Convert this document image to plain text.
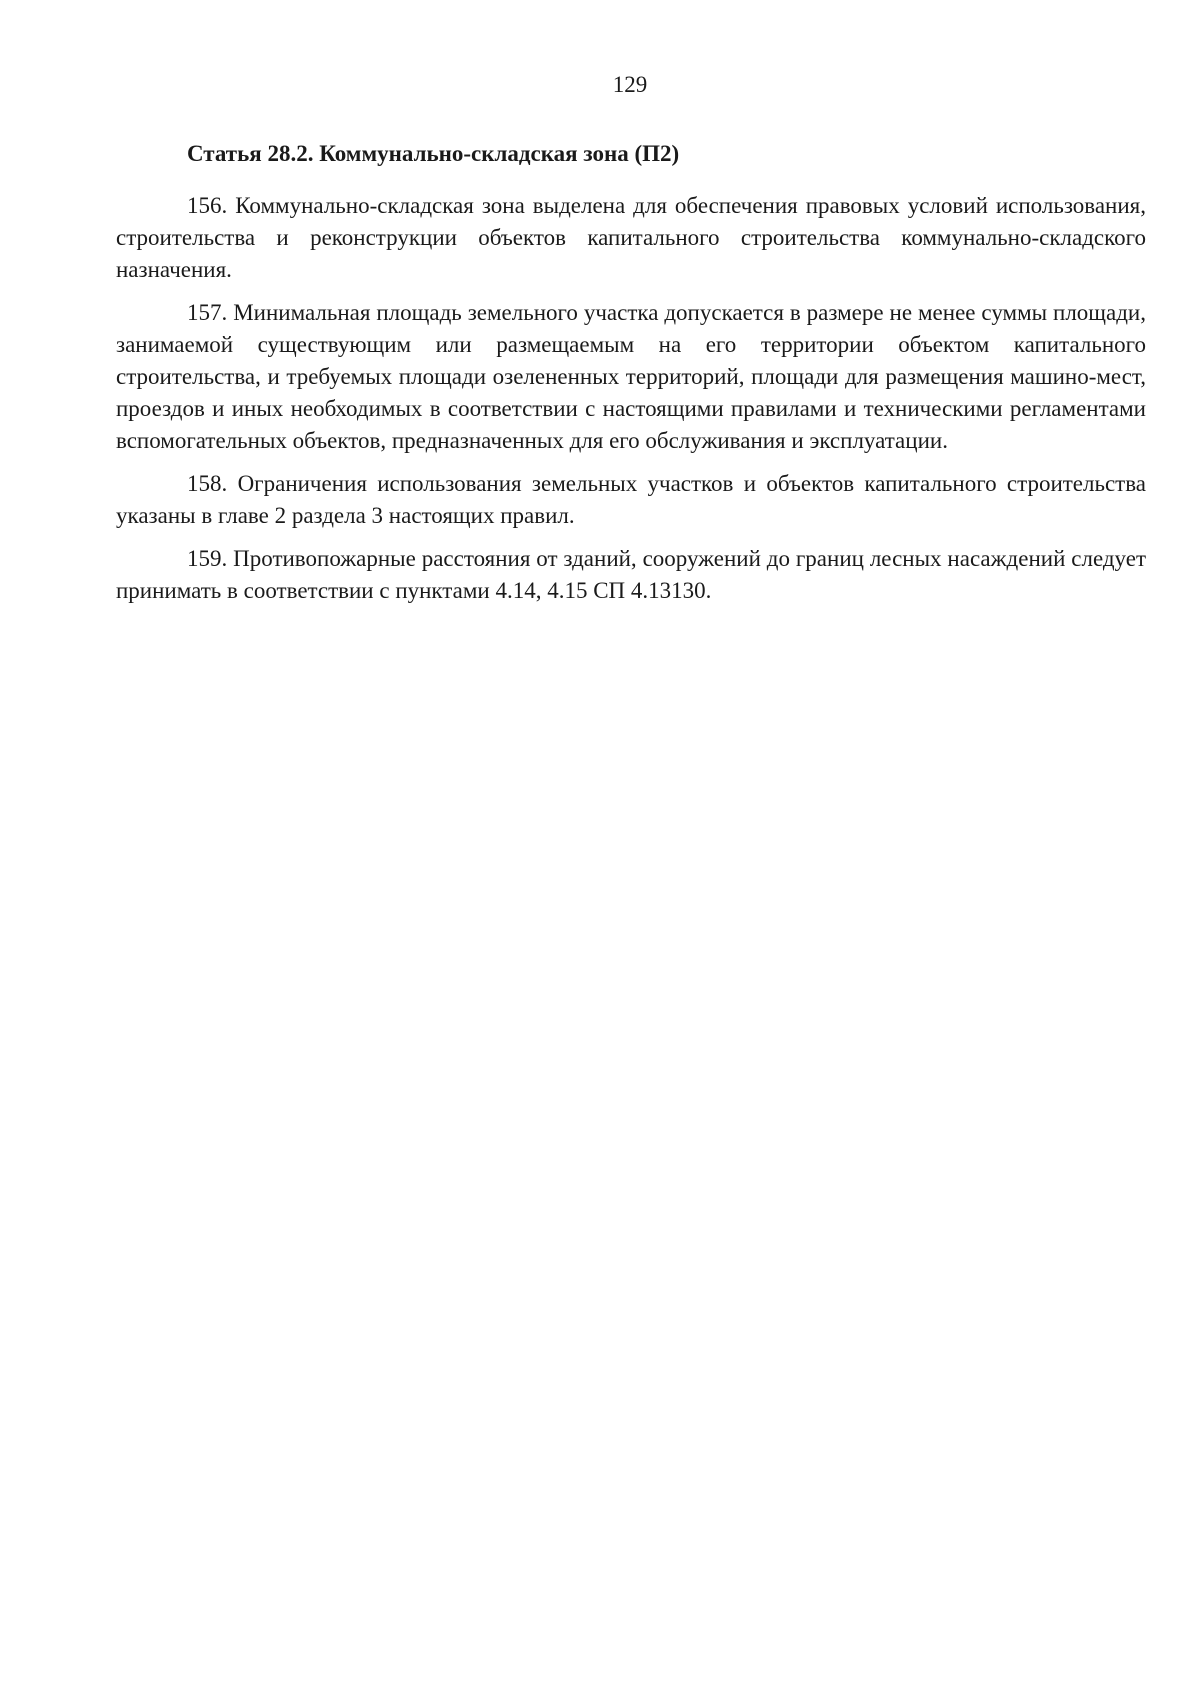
129
Статья 28.2. Коммунально-складская зона (П2)

156. Коммунально-складская зона выделена для обеспечения правовых условий использования, строительства и реконструкции объектов капитального строительства коммунально-складского назначения.

157. Минимальная площадь земельного участка допускается в размере не менее суммы площади, занимаемой существующим или размещаемым на его территории объектом капитального строительства, и требуемых площади озелененных территорий, площади для размещения машино-мест, проездов и иных необходимых в соответствии с настоящими правилами и техническими регламентами вспомогательных объектов, предназначенных для его обслуживания и эксплуатации.

158. Ограничения использования земельных участков и объектов капитального строительства указаны в главе 2 раздела 3 настоящих правил.

159. Противопожарные расстояния от зданий, сооружений до границ лесных насаждений следует принимать в соответствии с пунктами 4.14, 4.15 СП 4.13130.
